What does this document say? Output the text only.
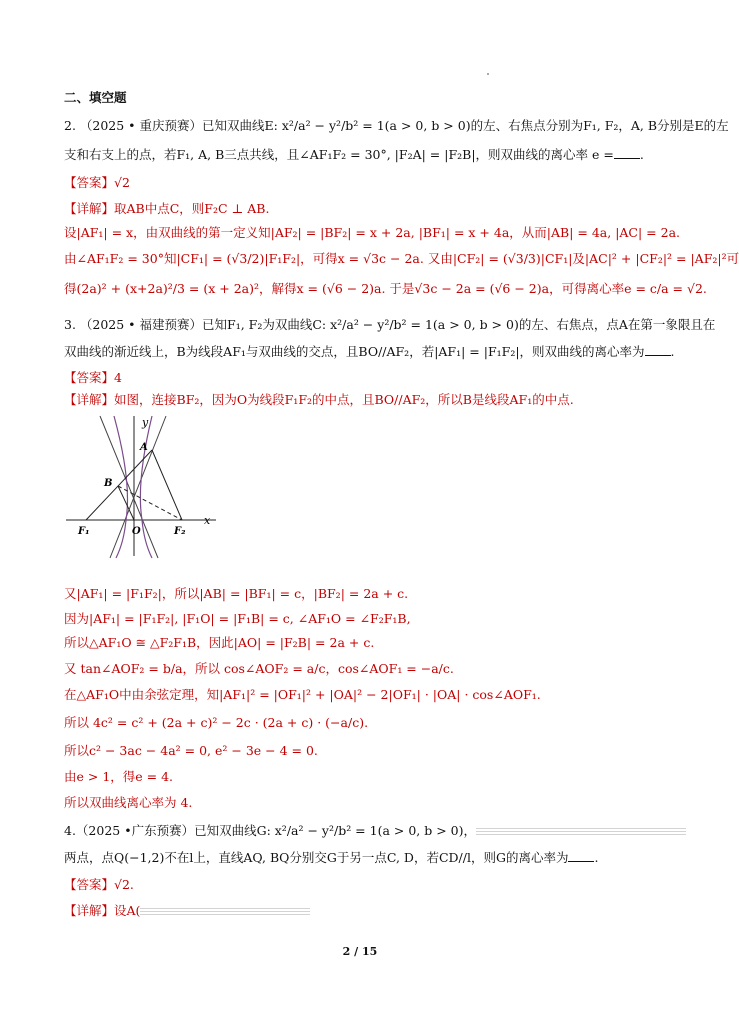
二、填空题
2. （2025 • 重庆预赛）已知双曲线E: x²/a² − y²/b² = 1(a > 0, b > 0)的左、右焦点分别为F₁, F₂，A, B分别是E的左
支和右支上的点，若F₁, A, B三点共线，且∠AF₁F₂ = 30°, |F₂A| = |F₂B|，则双曲线的离心率 e = .
【答案】√2
【详解】取AB中点C，则F₂C ⊥ AB.
设|AF₁| = x，由双曲线的第一定义知|AF₂| = |BF₂| = x + 2a, |BF₁| = x + 4a，从而|AB| = 4a, |AC| = 2a.
由∠AF₁F₂ = 30°知|CF₁| = (√3/2)|F₁F₂|，可得x = √3c − 2a. 又由|CF₂| = (√3/3)|CF₁|及|AC|² + |CF₂|² = |AF₂|²可
得(2a)² + (x+2a)²/3 = (x + 2a)²，解得x = (√6 − 2)a. 于是√3c − 2a = (√6 − 2)a，可得离心率e = c/a = √2.
3. （2025 • 福建预赛）已知F₁, F₂为双曲线C: x²/a² − y²/b² = 1(a > 0, b > 0)的左、右焦点，点A在第一象限且在
双曲线的渐近线上，B为线段AF₁与双曲线的交点，且BO//AF₂，若|AF₁| = |F₁F₂|，则双曲线的离心率为 .
【答案】4
【详解】如图，连接BF₂，因为O为线段F₁F₂的中点，且BO//AF₂，所以B是线段AF₁的中点.
y
x
A
B
O
F₁	F₂
又|AF₁| = |F₁F₂|，所以|AB| = |BF₁| = c，|BF₂| = 2a + c.
因为|AF₁| = |F₁F₂|, |F₁O| = |F₁B| = c, ∠AF₁O = ∠F₂F₁B,
所以△AF₁O ≅ △F₂F₁B，因此|AO| = |F₂B| = 2a + c.
又 tan∠AOF₂ = b/a，所以 cos∠AOF₂ = a/c，cos∠AOF₁ = −a/c.
在△AF₁O中由余弦定理，知|AF₁|² = |OF₁|² + |OA|² − 2|OF₁| · |OA| · cos∠AOF₁.
所以 4c² = c² + (2a + c)² − 2c · (2a + c) · (−a/c).
所以c² − 3ac − 4a² = 0, e² − 3e − 4 = 0.
由e > 1，得e = 4.
所以双曲线离心率为 4.
4.（2025 •广东预赛）已知双曲线G: x²/a² − y²/b² = 1(a > 0, b > 0)，
两点，点Q(−1,2)不在l上，直线AQ, BQ分别交G于另一点C, D，若CD//l，则G的离心率为 .
【答案】√2.
【详解】设A(
2 / 15
